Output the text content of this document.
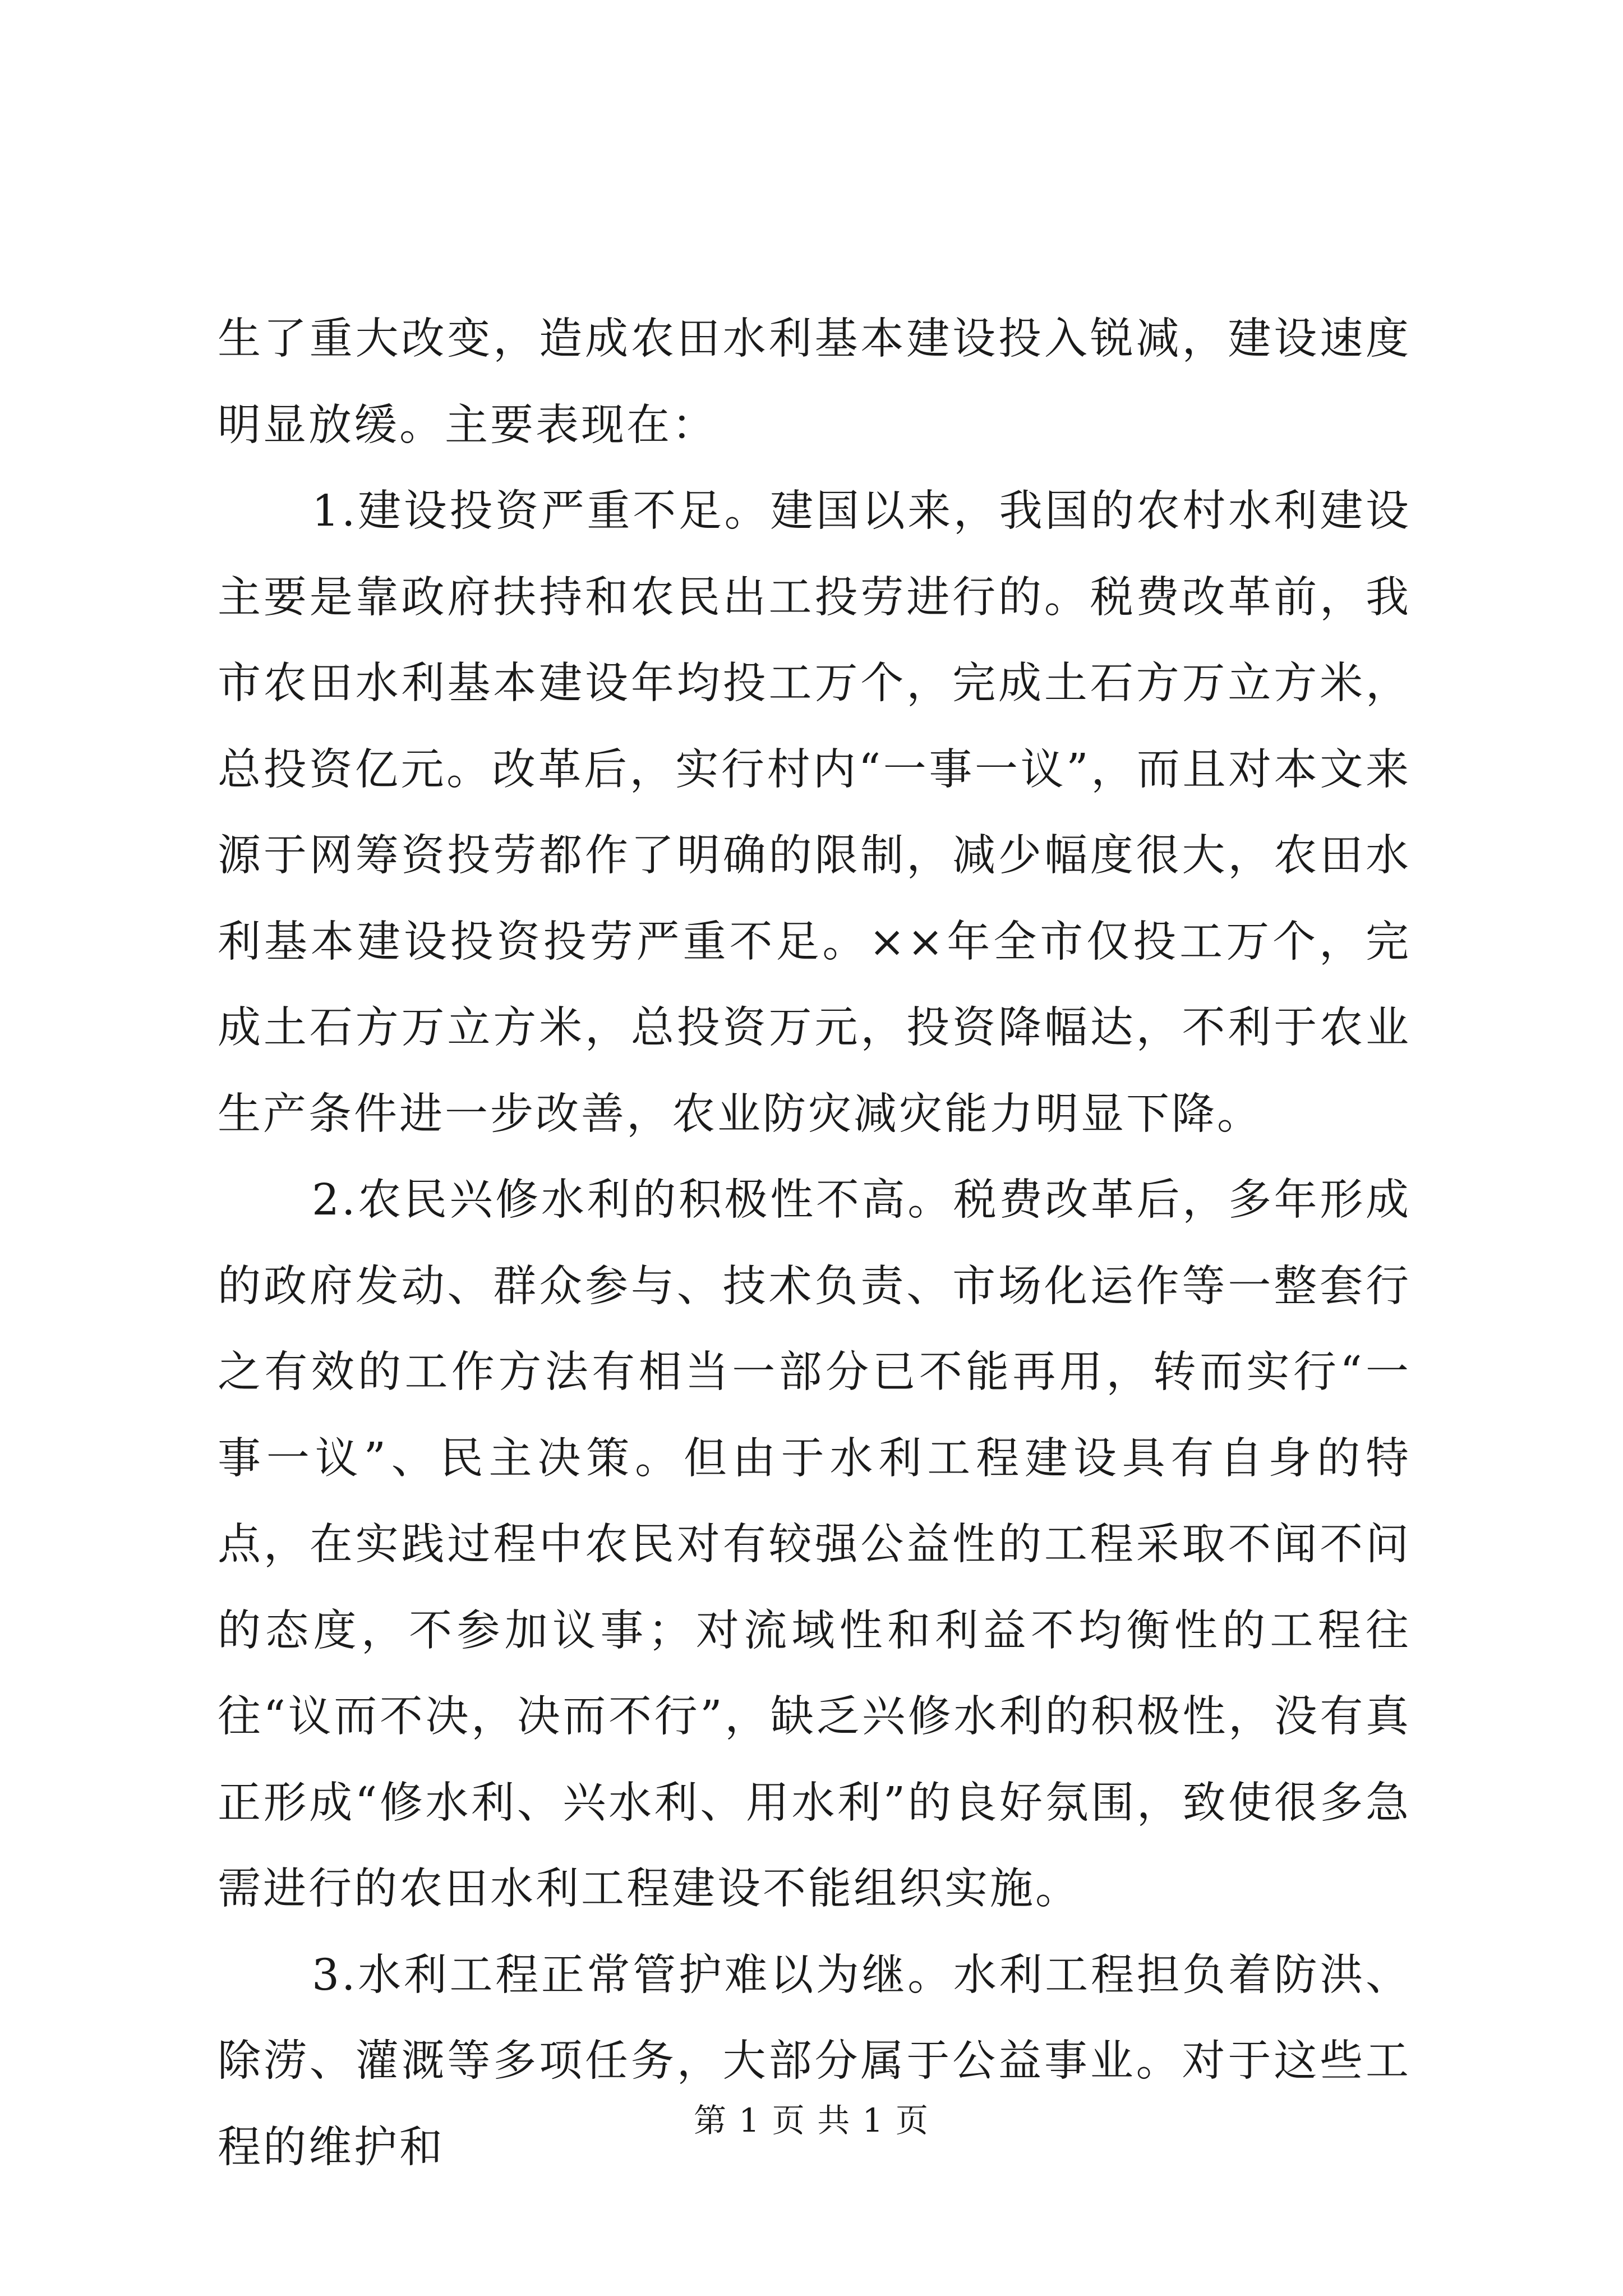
生了重大改变，造成农田水利基本建设投入锐减，建设速度明显放缓。主要表现在：

1.建设投资严重不足。建国以来，我国的农村水利建设主要是靠政府扶持和农民出工投劳进行的。税费改革前，我市农田水利基本建设年均投工万个，完成土石方万立方米，总投资亿元。改革后，实行村内“一事一议”，而且对本文来源于网筹资投劳都作了明确的限制，减少幅度很大，农田水利基本建设投资投劳严重不足。××年全市仅投工万个，完成土石方万立方米，总投资万元，投资降幅达，不利于农业生产条件进一步改善，农业防灾减灾能力明显下降。

2.农民兴修水利的积极性不高。税费改革后，多年形成的政府发动、群众参与、技术负责、市场化运作等一整套行之有效的工作方法有相当一部分已不能再用，转而实行“一事一议”、民主决策。但由于水利工程建设具有自身的特点，在实践过程中农民对有较强公益性的工程采取不闻不问的态度，不参加议事；对流域性和利益不均衡性的工程往往“议而不决，决而不行”，缺乏兴修水利的积极性，没有真正形成“修水利、兴水利、用水利”的良好氛围，致使很多急需进行的农田水利工程建设不能组织实施。

3.水利工程正常管护难以为继。水利工程担负着防洪、除涝、灌溉等多项任务，大部分属于公益事业。对于这些工程的维护和

第 1 页 共 1 页
